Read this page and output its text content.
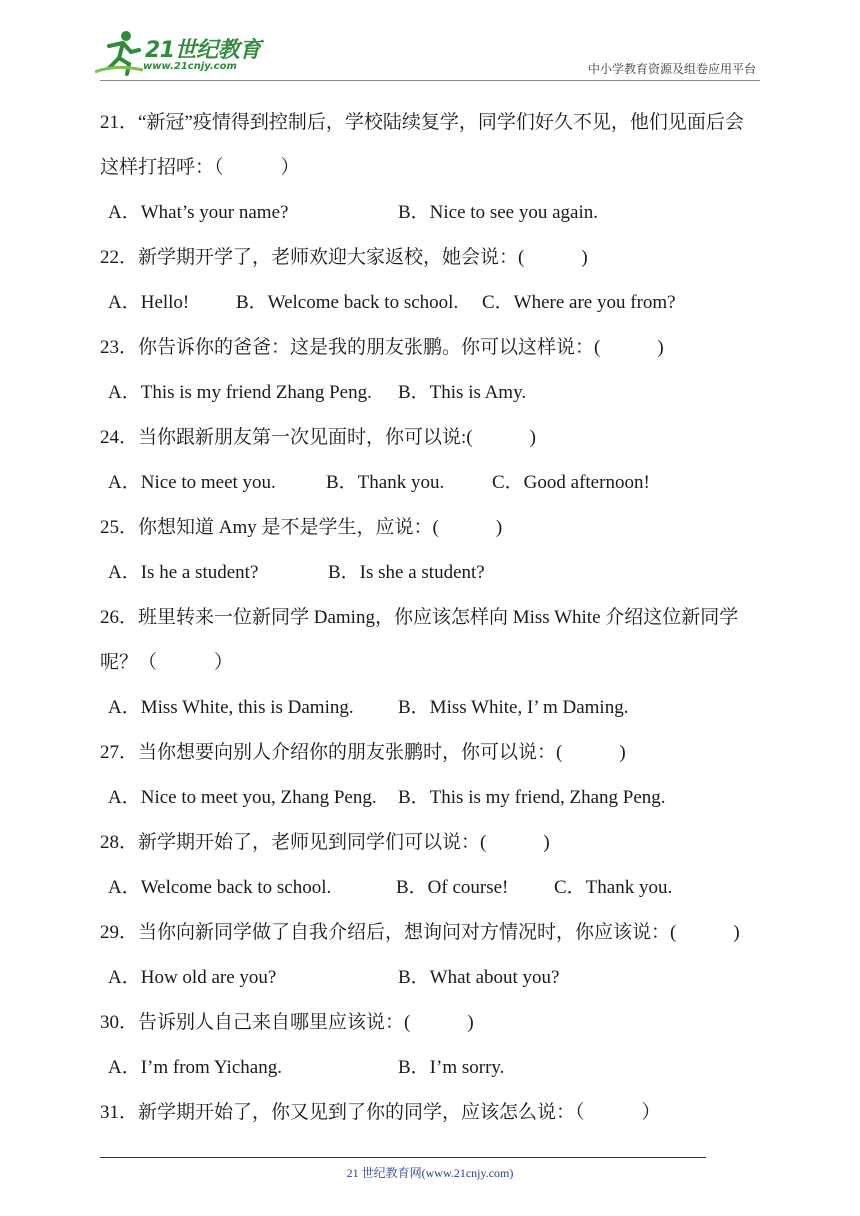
21世纪教育
www.21cnjy.com	中小学教育资源及组卷应用平台
21．“新冠”疫情得到控制后，学校陆续复学，同学们好久不见，他们见面后会这样打招呼：（　　　）
A．What’s your name?	B．Nice to see you again.
22．新学期开学了，老师欢迎大家返校，她会说：(　　　)
A．Hello!	B．Welcome back to school.	C．Where are you from?
23．你告诉你的爸爸：这是我的朋友张鹏。你可以这样说：(　　　)
A．This is my friend Zhang Peng.	B．This is Amy.
24．当你跟新朋友第一次见面时，你可以说:(　　　)
A．Nice to meet you.	B．Thank you.	C．Good afternoon!
25．你想知道 Amy 是不是学生，应说：(　　　)
A．Is he a student?	B．Is she a student?
26．班里转来一位新同学 Daming，你应该怎样向 Miss White 介绍这位新同学呢？（　　　）
A．Miss White, this is Daming.	B．Miss White, I’ m Daming.
27．当你想要向别人介绍你的朋友张鹏时，你可以说：(　　　)
A．Nice to meet you, Zhang Peng.	B．This is my friend, Zhang Peng.
28．新学期开始了，老师见到同学们可以说：(　　　)
A．Welcome back to school.	B．Of course!	C．Thank you.
29．当你向新同学做了自我介绍后，想询问对方情况时，你应该说：(　　　)
A．How old are you?	B．What about you?
30．告诉别人自己来自哪里应该说：(　　　)
A．I’m from Yichang.	B．I’m sorry.
31．新学期开始了，你又见到了你的同学，应该怎么说：（　　　）
21 世纪教育网(www.21cnjy.com)
